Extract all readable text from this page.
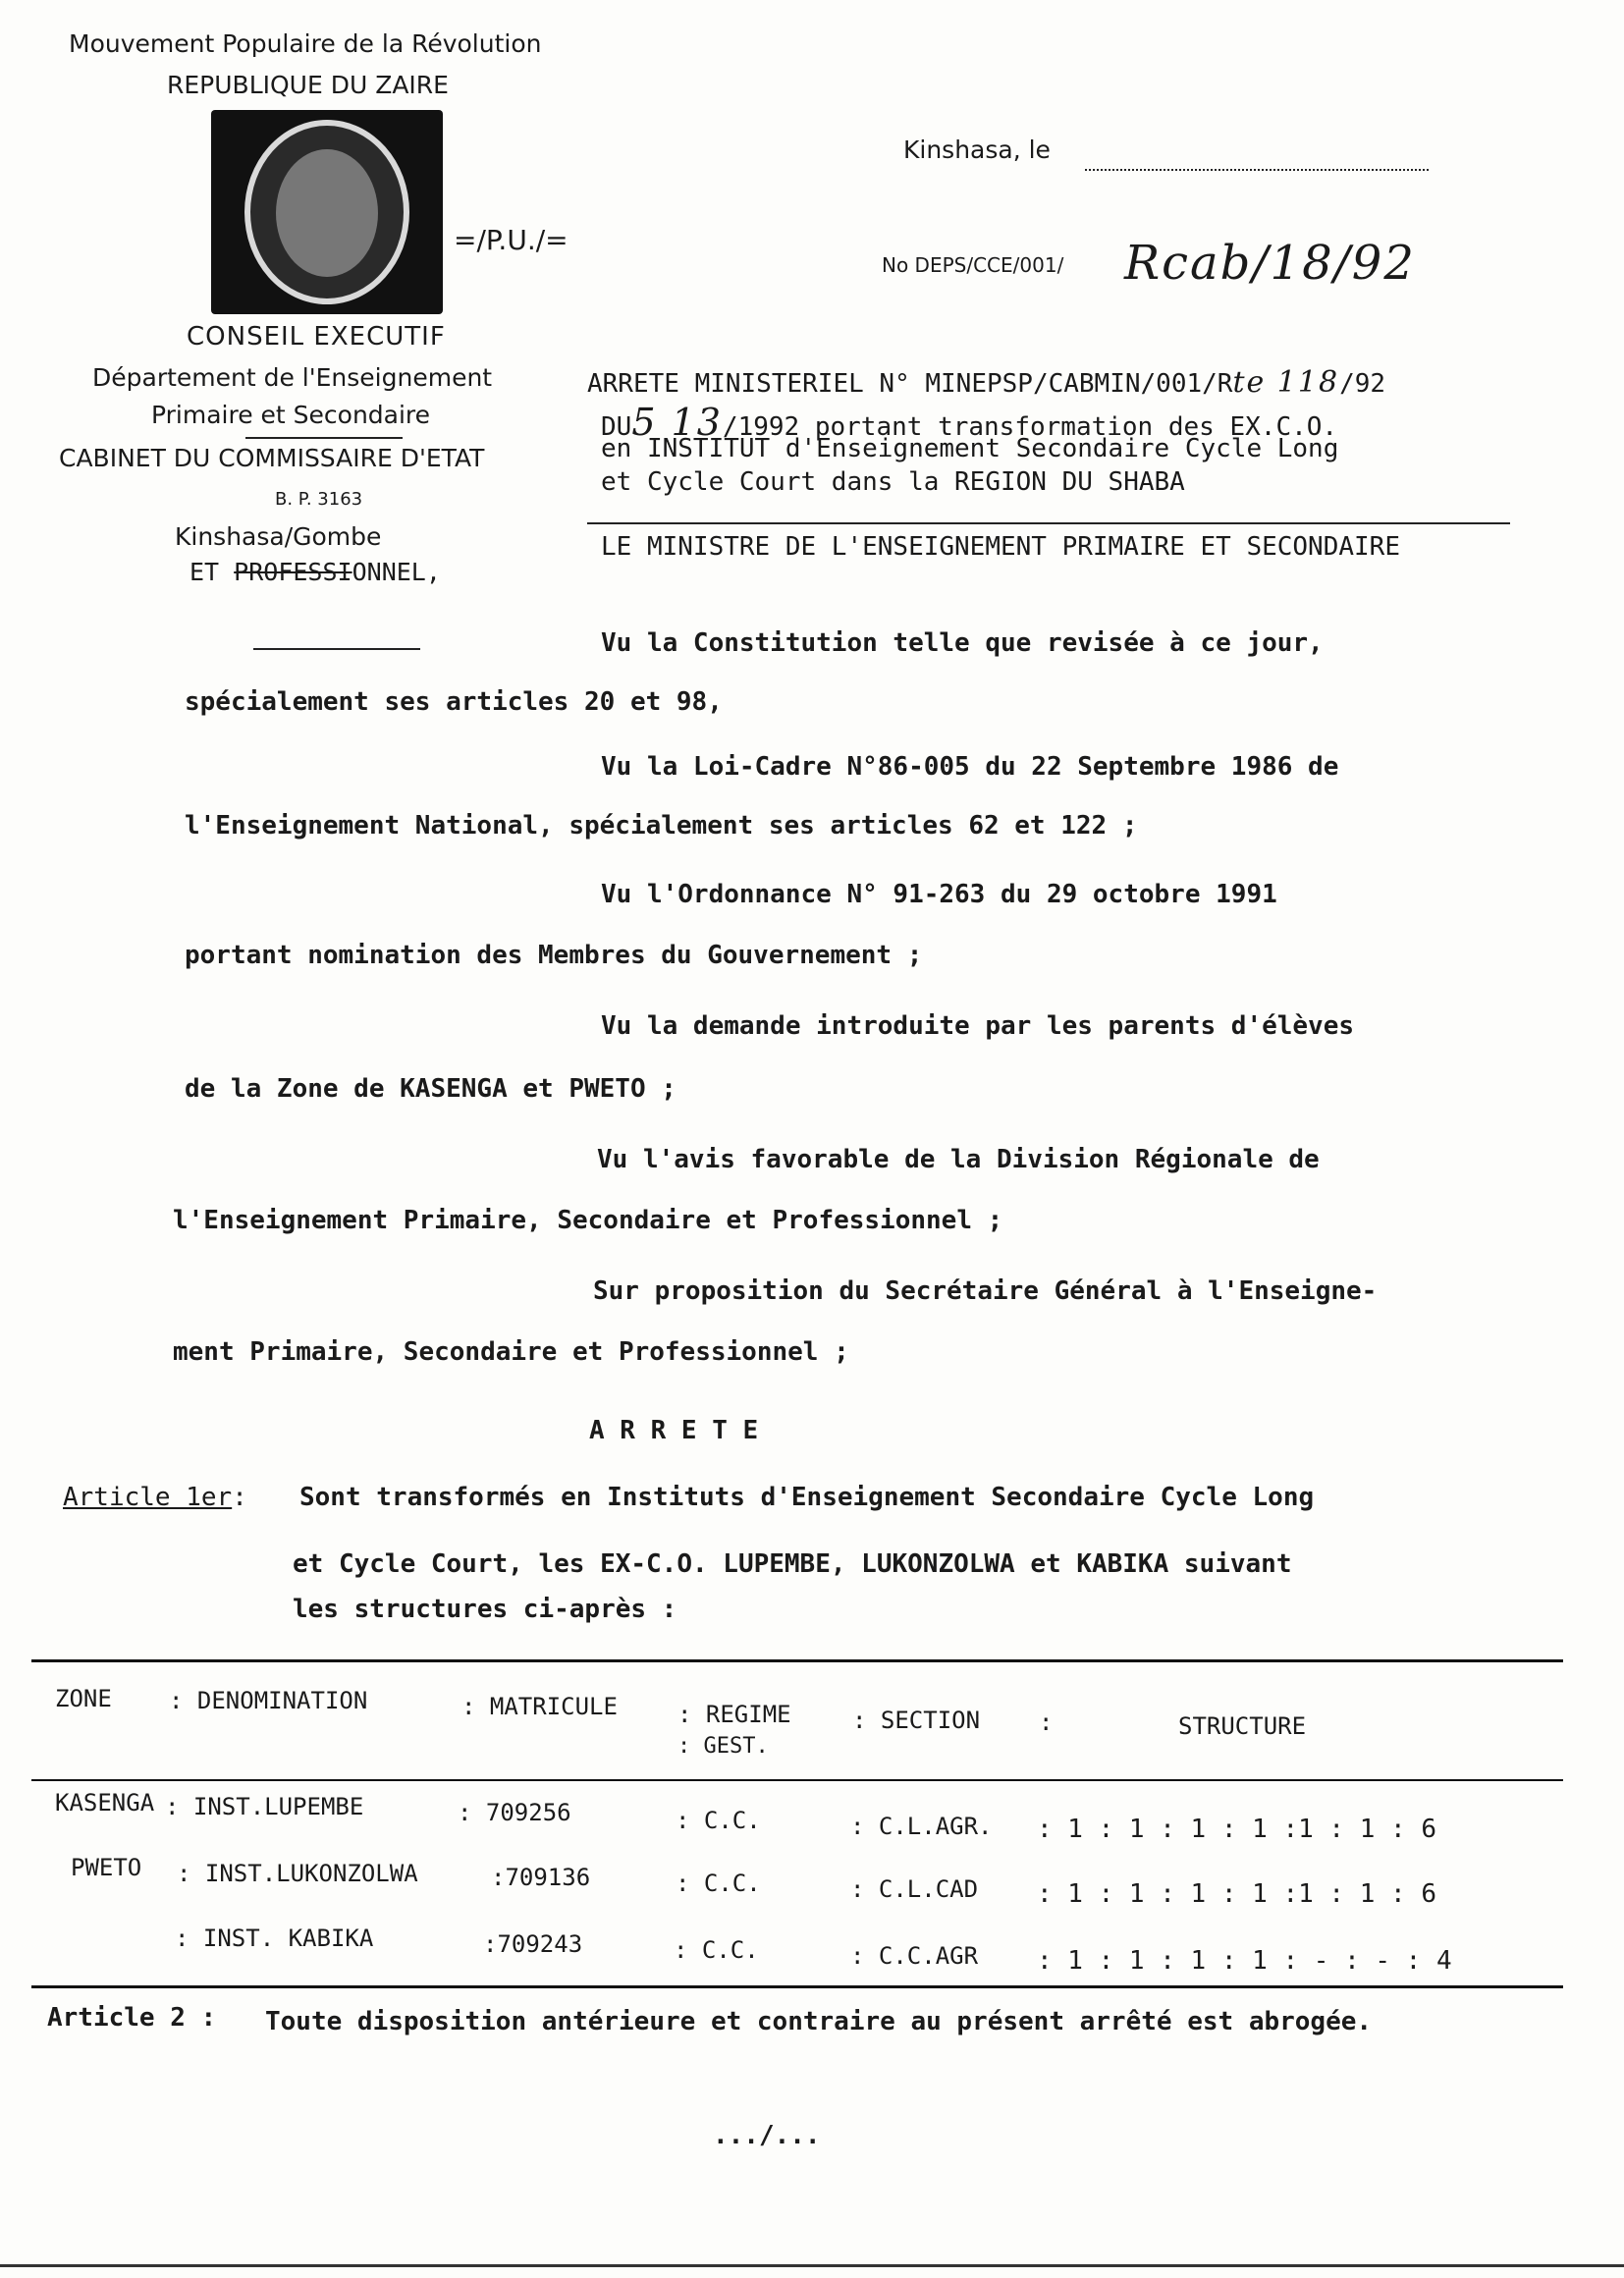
Mouvement Populaire de la Révolution
REPUBLIQUE DU ZAIRE
=/P.U./=
CONSEIL EXECUTIF
Département de l'Enseignement
Primaire et Secondaire
CABINET DU COMMISSAIRE D'ETAT
B. P. 3163
Kinshasa/Gombe
ET PROFESSIONNEL,
Kinshasa, le
No DEPS/CCE/001/ Rcab/18/92
ARRETE MINISTERIEL N° MINEPSP/CABMIN/001/Rte 118/92
DU5 13/1992 portant transformation des EX.C.O.
en INSTITUT d'Enseignement Secondaire Cycle Long
et Cycle Court dans la REGION DU SHABA
LE MINISTRE DE L'ENSEIGNEMENT PRIMAIRE ET SECONDAIRE
Vu la Constitution telle que revisée à ce jour,
spécialement ses articles 20 et 98,
Vu la Loi-Cadre N°86-005 du 22 Septembre 1986 de
l'Enseignement National, spécialement ses articles 62 et 122 ;
Vu l'Ordonnance N° 91-263 du 29 octobre 1991
portant nomination des Membres du Gouvernement ;
Vu la demande introduite par les parents d'élèves
de la Zone de KASENGA et PWETO ;
Vu l'avis favorable de la Division Régionale de
l'Enseignement Primaire, Secondaire et Professionnel ;
Sur proposition du Secrétaire Général à l'Enseigne-
ment Primaire, Secondaire et Professionnel ;
A R R E T E
Article 1er: Sont transformés en Instituts d'Enseignement Secondaire Cycle Long
et Cycle Court, les EX-C.O. LUPEMBE, LUKONZOLWA et KABIKA suivant
les structures ci-après :
ZONE : DENOMINATION	: MATRICULE	: REGIME
: GEST.
: SECTION :	STRUCTURE
KASENGA : INST.LUPEMBE	: 709256	: C.C.	: C.L.AGR. : 1 : 1 : 1 : 1 :1 : 1 : 6
PWETO : INST.LUKONZOLWA	:709136	: C.C.	: C.L.CAD : 1 : 1 : 1 : 1 :1 : 1 : 6
: INST. KABIKA	:709243	: C.C.	: C.C.AGR : 1 : 1 : 1 : 1 : - : - : 4
Article 2 : Toute disposition antérieure et contraire au présent arrêté est abrogée.
.../...
